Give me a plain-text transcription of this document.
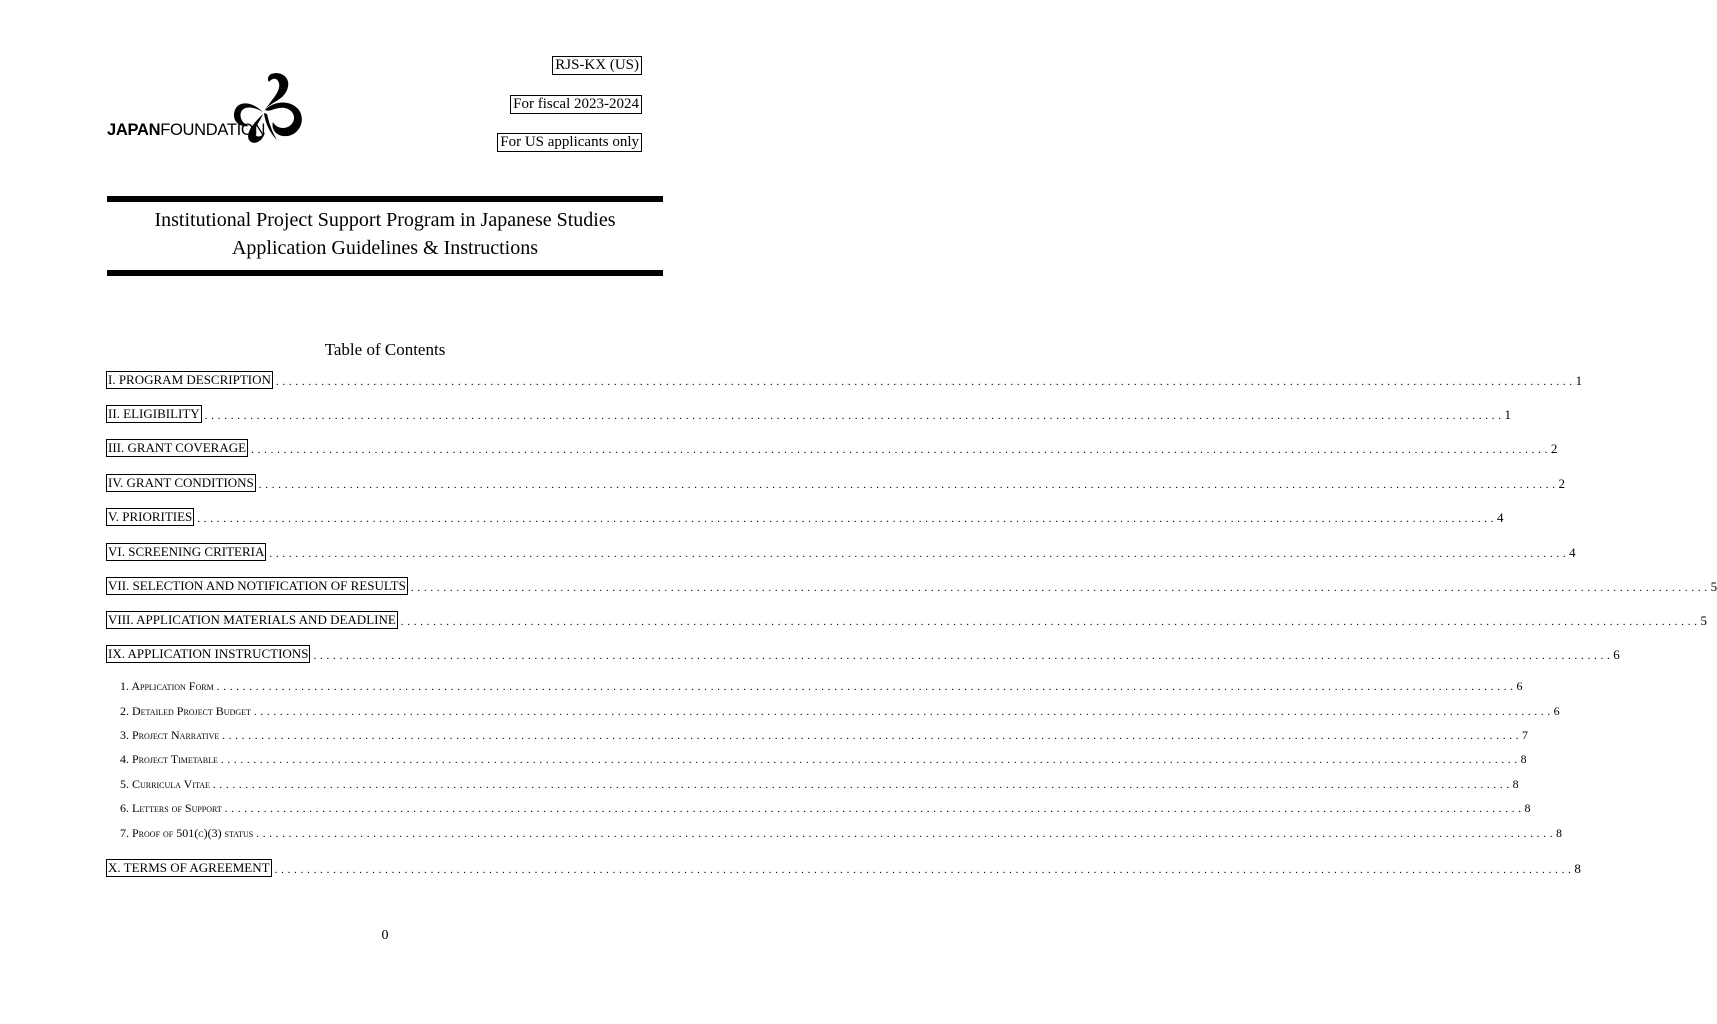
JAPANFOUNDATION
RJS-KX (US)
For fiscal 2023-2024
For US applicants only
Institutional Project Support Program in Japanese Studies
Application Guidelines & Instructions
Table of Contents
I. PROGRAM DESCRIPTION . . . . . . . . . . . . . . . . . . . . . . . . . . . . . . . . . . . . . . . . . . . . . . . . . . . . . . . . . . . . . . . . . . . . . . . . . . . . . . . . . . . . . . . . . . . . . . . . . . . . . . . . . . . . . . . . . . . . . . . . . . . . . . . . . . . . . . . . . . . . . . . . . . . . . . . . . . . . . . . . . . . . . . . . . . . . . . . . . . . . . . . . . . . . . . . . . . . . . . . . 1
II. ELIGIBILITY . . . . . . . . . . . . . . . . . . . . . . . . . . . . . . . . . . . . . . . . . . . . . . . . . . . . . . . . . . . . . . . . . . . . . . . . . . . . . . . . . . . . . . . . . . . . . . . . . . . . . . . . . . . . . . . . . . . . . . . . . . . . . . . . . . . . . . . . . . . . . . . . . . . . . . . . . . . . . . . . . . . . . . . . . . . . . . . . . . . . . . . . . . . . . . . . . . . . . . . . 1
III. GRANT COVERAGE . . . . . . . . . . . . . . . . . . . . . . . . . . . . . . . . . . . . . . . . . . . . . . . . . . . . . . . . . . . . . . . . . . . . . . . . . . . . . . . . . . . . . . . . . . . . . . . . . . . . . . . . . . . . . . . . . . . . . . . . . . . . . . . . . . . . . . . . . . . . . . . . . . . . . . . . . . . . . . . . . . . . . . . . . . . . . . . . . . . . . . . . . . . . . . . . . . . . . . . . 2
IV. GRANT CONDITIONS . . . . . . . . . . . . . . . . . . . . . . . . . . . . . . . . . . . . . . . . . . . . . . . . . . . . . . . . . . . . . . . . . . . . . . . . . . . . . . . . . . . . . . . . . . . . . . . . . . . . . . . . . . . . . . . . . . . . . . . . . . . . . . . . . . . . . . . . . . . . . . . . . . . . . . . . . . . . . . . . . . . . . . . . . . . . . . . . . . . . . . . . . . . . . . . . . . . . . . . . 2
V. PRIORITIES . . . . . . . . . . . . . . . . . . . . . . . . . . . . . . . . . . . . . . . . . . . . . . . . . . . . . . . . . . . . . . . . . . . . . . . . . . . . . . . . . . . . . . . . . . . . . . . . . . . . . . . . . . . . . . . . . . . . . . . . . . . . . . . . . . . . . . . . . . . . . . . . . . . . . . . . . . . . . . . . . . . . . . . . . . . . . . . . . . . . . . . . . . . . . . . . . . . . . . . . 4
VI. SCREENING CRITERIA . . . . . . . . . . . . . . . . . . . . . . . . . . . . . . . . . . . . . . . . . . . . . . . . . . . . . . . . . . . . . . . . . . . . . . . . . . . . . . . . . . . . . . . . . . . . . . . . . . . . . . . . . . . . . . . . . . . . . . . . . . . . . . . . . . . . . . . . . . . . . . . . . . . . . . . . . . . . . . . . . . . . . . . . . . . . . . . . . . . . . . . . . . . . . . . . . . . . . . . . 4
VII. SELECTION AND NOTIFICATION OF RESULTS . . . . . . . . . . . . . . . . . . . . . . . . . . . . . . . . . . . . . . . . . . . . . . . . . . . . . . . . . . . . . . . . . . . . . . . . . . . . . . . . . . . . . . . . . . . . . . . . . . . . . . . . . . . . . . . . . . . . . . . . . . . . . . . . . . . . . . . . . . . . . . . . . . . . . . . . . . . . . . . . . . . . . . . . . . . . . . . . . . . . . . . . . . . . . . . . . . . . . . . . 5
VIII. APPLICATION MATERIALS AND DEADLINE . . . . . . . . . . . . . . . . . . . . . . . . . . . . . . . . . . . . . . . . . . . . . . . . . . . . . . . . . . . . . . . . . . . . . . . . . . . . . . . . . . . . . . . . . . . . . . . . . . . . . . . . . . . . . . . . . . . . . . . . . . . . . . . . . . . . . . . . . . . . . . . . . . . . . . . . . . . . . . . . . . . . . . . . . . . . . . . . . . . . . . . . . . . . . . . . . . . . . . . . 5
IX. APPLICATION INSTRUCTIONS . . . . . . . . . . . . . . . . . . . . . . . . . . . . . . . . . . . . . . . . . . . . . . . . . . . . . . . . . . . . . . . . . . . . . . . . . . . . . . . . . . . . . . . . . . . . . . . . . . . . . . . . . . . . . . . . . . . . . . . . . . . . . . . . . . . . . . . . . . . . . . . . . . . . . . . . . . . . . . . . . . . . . . . . . . . . . . . . . . . . . . . . . . . . . . . . . . . . . . . . 6
1. Application Form . . . . . . . . . . . . . . . . . . . . . . . . . . . . . . . . . . . . . . . . . . . . . . . . . . . . . . . . . . . . . . . . . . . . . . . . . . . . . . . . . . . . . . . . . . . . . . . . . . . . . . . . . . . . . . . . . . . . . . . . . . . . . . . . . . . . . . . . . . . . . . . . . . . . . . . . . . . . . . . . . . . . . . . . . . . . . . . . . . . . . . . . . . . . . . . . . . . . . . . . 6
2. Detailed Project Budget . . . . . . . . . . . . . . . . . . . . . . . . . . . . . . . . . . . . . . . . . . . . . . . . . . . . . . . . . . . . . . . . . . . . . . . . . . . . . . . . . . . . . . . . . . . . . . . . . . . . . . . . . . . . . . . . . . . . . . . . . . . . . . . . . . . . . . . . . . . . . . . . . . . . . . . . . . . . . . . . . . . . . . . . . . . . . . . . . . . . . . . . . . . . . . . . . . . . . . . . 6
3. Project Narrative . . . . . . . . . . . . . . . . . . . . . . . . . . . . . . . . . . . . . . . . . . . . . . . . . . . . . . . . . . . . . . . . . . . . . . . . . . . . . . . . . . . . . . . . . . . . . . . . . . . . . . . . . . . . . . . . . . . . . . . . . . . . . . . . . . . . . . . . . . . . . . . . . . . . . . . . . . . . . . . . . . . . . . . . . . . . . . . . . . . . . . . . . . . . . . . . . . . . . . . . 7
4. Project Timetable . . . . . . . . . . . . . . . . . . . . . . . . . . . . . . . . . . . . . . . . . . . . . . . . . . . . . . . . . . . . . . . . . . . . . . . . . . . . . . . . . . . . . . . . . . . . . . . . . . . . . . . . . . . . . . . . . . . . . . . . . . . . . . . . . . . . . . . . . . . . . . . . . . . . . . . . . . . . . . . . . . . . . . . . . . . . . . . . . . . . . . . . . . . . . . . . . . . . . . . . 8
5. Curricula Vitae . . . . . . . . . . . . . . . . . . . . . . . . . . . . . . . . . . . . . . . . . . . . . . . . . . . . . . . . . . . . . . . . . . . . . . . . . . . . . . . . . . . . . . . . . . . . . . . . . . . . . . . . . . . . . . . . . . . . . . . . . . . . . . . . . . . . . . . . . . . . . . . . . . . . . . . . . . . . . . . . . . . . . . . . . . . . . . . . . . . . . . . . . . . . . . . . . . . . . . . . 8
6. Letters of Support . . . . . . . . . . . . . . . . . . . . . . . . . . . . . . . . . . . . . . . . . . . . . . . . . . . . . . . . . . . . . . . . . . . . . . . . . . . . . . . . . . . . . . . . . . . . . . . . . . . . . . . . . . . . . . . . . . . . . . . . . . . . . . . . . . . . . . . . . . . . . . . . . . . . . . . . . . . . . . . . . . . . . . . . . . . . . . . . . . . . . . . . . . . . . . . . . . . . . . . . 8
7. Proof of 501(c)(3) status . . . . . . . . . . . . . . . . . . . . . . . . . . . . . . . . . . . . . . . . . . . . . . . . . . . . . . . . . . . . . . . . . . . . . . . . . . . . . . . . . . . . . . . . . . . . . . . . . . . . . . . . . . . . . . . . . . . . . . . . . . . . . . . . . . . . . . . . . . . . . . . . . . . . . . . . . . . . . . . . . . . . . . . . . . . . . . . . . . . . . . . . . . . . . . . . . . . . . . . . 8
X. TERMS OF AGREEMENT . . . . . . . . . . . . . . . . . . . . . . . . . . . . . . . . . . . . . . . . . . . . . . . . . . . . . . . . . . . . . . . . . . . . . . . . . . . . . . . . . . . . . . . . . . . . . . . . . . . . . . . . . . . . . . . . . . . . . . . . . . . . . . . . . . . . . . . . . . . . . . . . . . . . . . . . . . . . . . . . . . . . . . . . . . . . . . . . . . . . . . . . . . . . . . . . . . . . . . . . 8
0
